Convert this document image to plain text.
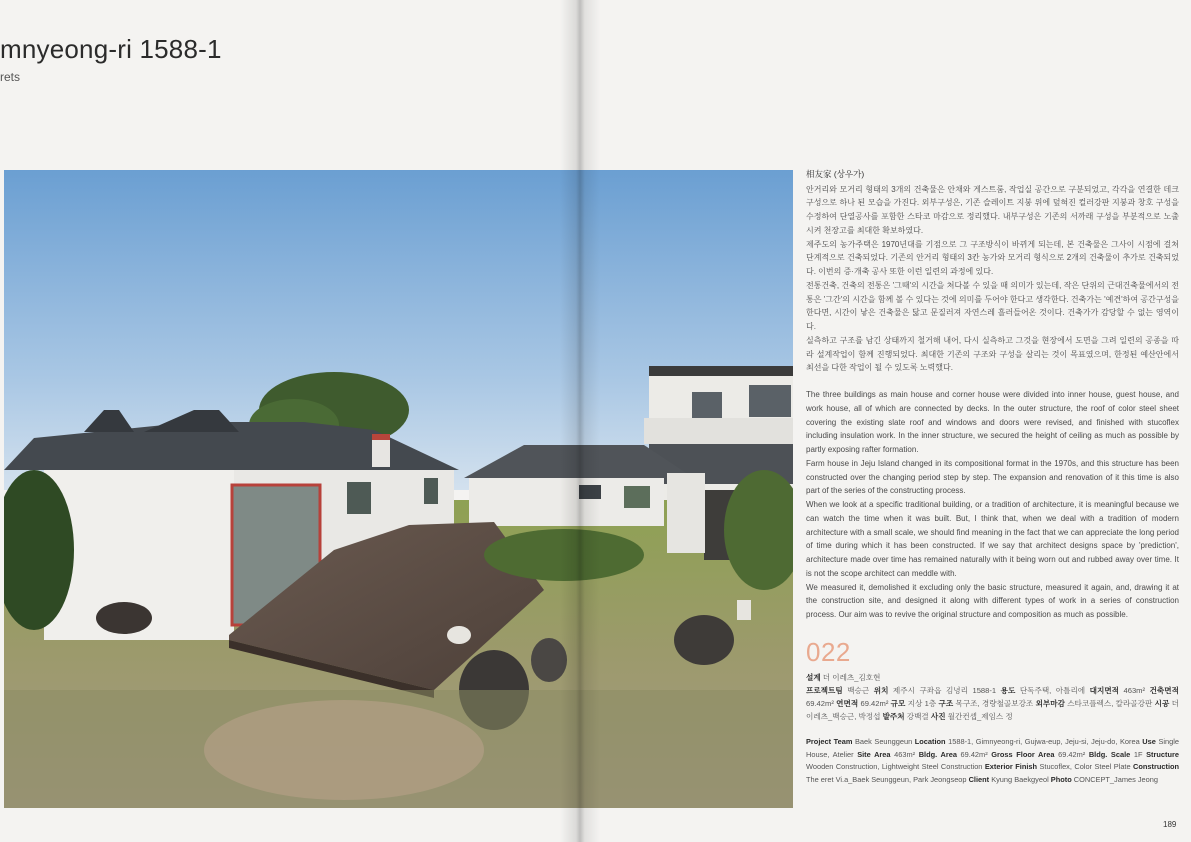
mnyeong-ri 1588-1
rets
相友家 (상우가)

안거리와 모거리 형태의 3개의 건축물은 안채와 게스트룸, 작업실 공간으로 구분되었고, 각각을 연결한 데크 구성으로 하나 된 모습을 가진다. 외부구성은, 기존 슬레이트 지붕 위에 덮혀진 컬러강판 지붕과 창호 구성을 수정하여 단열공사를 포함한 스타코 마감으로 정리했다. 내부구성은 기존의 서까래 구성을 부분적으로 노출시켜 천장고를 최대한 확보하였다.

제주도의 농가주택은 1970년대를 기점으로 그 구조방식이 바뀌게 되는데, 본 건축물은 그사이 시점에 걸쳐 단계적으로 건축되었다. 기존의 안거리 형태의 3칸 농가와 모거리 형식으로 2개의 건축물이 추가로 건축되었다. 이번의 증·개축 공사 또한 이런 일련의 과정에 있다.

전통건축, 건축의 전통은 '그때'의 시간을 쳐다볼 수 있을 때 의미가 있는데, 작은 단위의 근대건축물에서의 전통은 '그간'의 시간을 함께 볼 수 있다는 것에 의미를 두어야 한다고 생각한다. 건축가는 '예견'하여 공간구성을 한다면, 시간이 낳은 건축물은 닳고 문질러져 자연스레 흘러들어온 것이다. 건축가가 감당할 수 없는 영역이다.

실측하고 구조를 남긴 상태까지 철거해 내어, 다시 실측하고 그것을 현장에서 도면을 그려 일련의 공종을 따라 설계작업이 함께 진행되었다. 최대한 기존의 구조와 구성을 살리는 것이 목표였으며, 한정된 예산안에서 최선을 다한 작업이 될 수 있도록 노력했다.

The three buildings as main house and corner house were divided into inner house, guest house, and work house, all of which are connected by decks. In the outer structure, the roof of color steel sheet covering the existing slate roof and windows and doors were revised, and finished with stucoflex including insulation work. In the inner structure, we secured the height of ceiling as much as possible by partly exposing rafter formation.

Farm house in Jeju Island changed in its compositional format in the 1970s, and this structure has been constructed over the changing period step by step. The expansion and renovation of it this time is also part of the series of the constructing process.

When we look at a specific traditional building, or a tradition of architecture, it is meaningful because we can watch the time when it was built. But, I think that, when we deal with a tradition of modern architecture with a small scale, we should find meaning in the fact that we can appreciate the long period of time during which it has been constructed. If we say that architect designs space by 'prediction', architecture made over time has remained naturally with it being worn out and rubbed away over time. It is not the scope architect can meddle with.

We measured it, demolished it excluding only the basic structure, measured it again, and, drawing it at the construction site, and designed it along with different types of work in a series of construction process. Our aim was to revive the original structure and composition as much as possible.

022
설계 더 이레츠_김호현
프로젝트팀 백승근 위치 제주시 구좌읍 김녕리 1588-1 용도 단독주택, 아틀리에 대지면적 463m² 건축면적 69.42m² 연면적 69.42m² 규모 지상 1층 구조 목구조, 경량철골보강조 외부마감 스타코플렉스, 칼라골강판 시공 더 이레츠_백승근, 박정섭 발주처 강백결 사진 월간컨셉_제임스 정
Project Team Baek Seunggeun Location 1588-1, Gimnyeong-ri, Gujwa-eup, Jeju-si, Jeju-do, Korea Use Single House, Atelier Site Area 463m² Bldg. Area 69.42m² Gross Floor Area 69.42m² Bldg. Scale 1F Structure Wooden Construction, Lightweight Steel Construction Exterior Finish Stucoflex, Color Steel Plate Construction The eret Vi.a_Baek Seunggeun, Park Jeongseop Client Kyung Baekgyeol Photo CONCEPT_James Jeong
189
